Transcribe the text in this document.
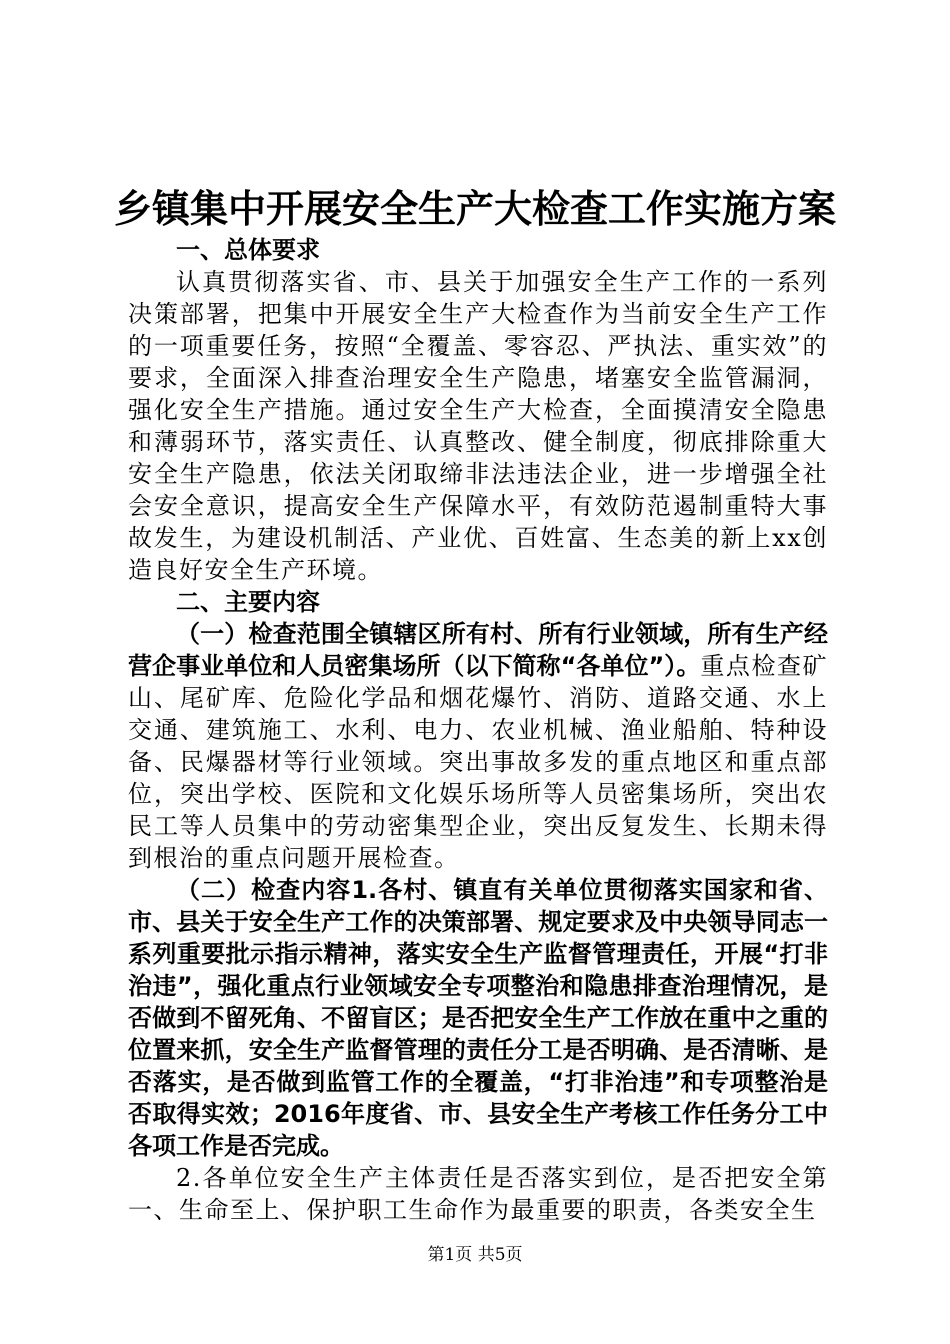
乡镇集中开展安全生产大检查工作实施方案

一、总体要求

认真贯彻落实省、市、县关于加强安全生产工作的一系列决策部署，把集中开展安全生产大检查作为当前安全生产工作的一项重要任务，按照“全覆盖、零容忍、严执法、重实效”的要求，全面深入排查治理安全生产隐患，堵塞安全监管漏洞，强化安全生产措施。通过安全生产大检查，全面摸清安全隐患和薄弱环节，落实责任、认真整改、健全制度，彻底排除重大安全生产隐患，依法关闭取缔非法违法企业，进一步增强全社会安全意识，提高安全生产保障水平，有效防范遏制重特大事故发生，为建设机制活、产业优、百姓富、生态美的新上xx创造良好安全生产环境。

二、主要内容

（一）检查范围全镇辖区所有村、所有行业领域，所有生产经营企事业单位和人员密集场所（以下简称“各单位”）。重点检查矿山、尾矿库、危险化学品和烟花爆竹、消防、道路交通、水上交通、建筑施工、水利、电力、农业机械、渔业船舶、特种设备、民爆器材等行业领域。突出事故多发的重点地区和重点部位，突出学校、医院和文化娱乐场所等人员密集场所，突出农民工等人员集中的劳动密集型企业，突出反复发生、长期未得到根治的重点问题开展检查。

（二）检查内容1.各村、镇直有关单位贯彻落实国家和省、市、县关于安全生产工作的决策部署、规定要求及中央领导同志一系列重要批示指示精神，落实安全生产监督管理责任，开展“打非治违”，强化重点行业领域安全专项整治和隐患排查治理情况，是否做到不留死角、不留盲区；是否把安全生产工作放在重中之重的位置来抓，安全生产监督管理的责任分工是否明确、是否清晰、是否落实，是否做到监管工作的全覆盖，“打非治违”和专项整治是否取得实效；2016年度省、市、县安全生产考核工作任务分工中各项工作是否完成。

2.各单位安全生产主体责任是否落实到位，是否把安全第一、生命至上、保护职工生命作为最重要的职责，各类安全生

第1页 共5页
